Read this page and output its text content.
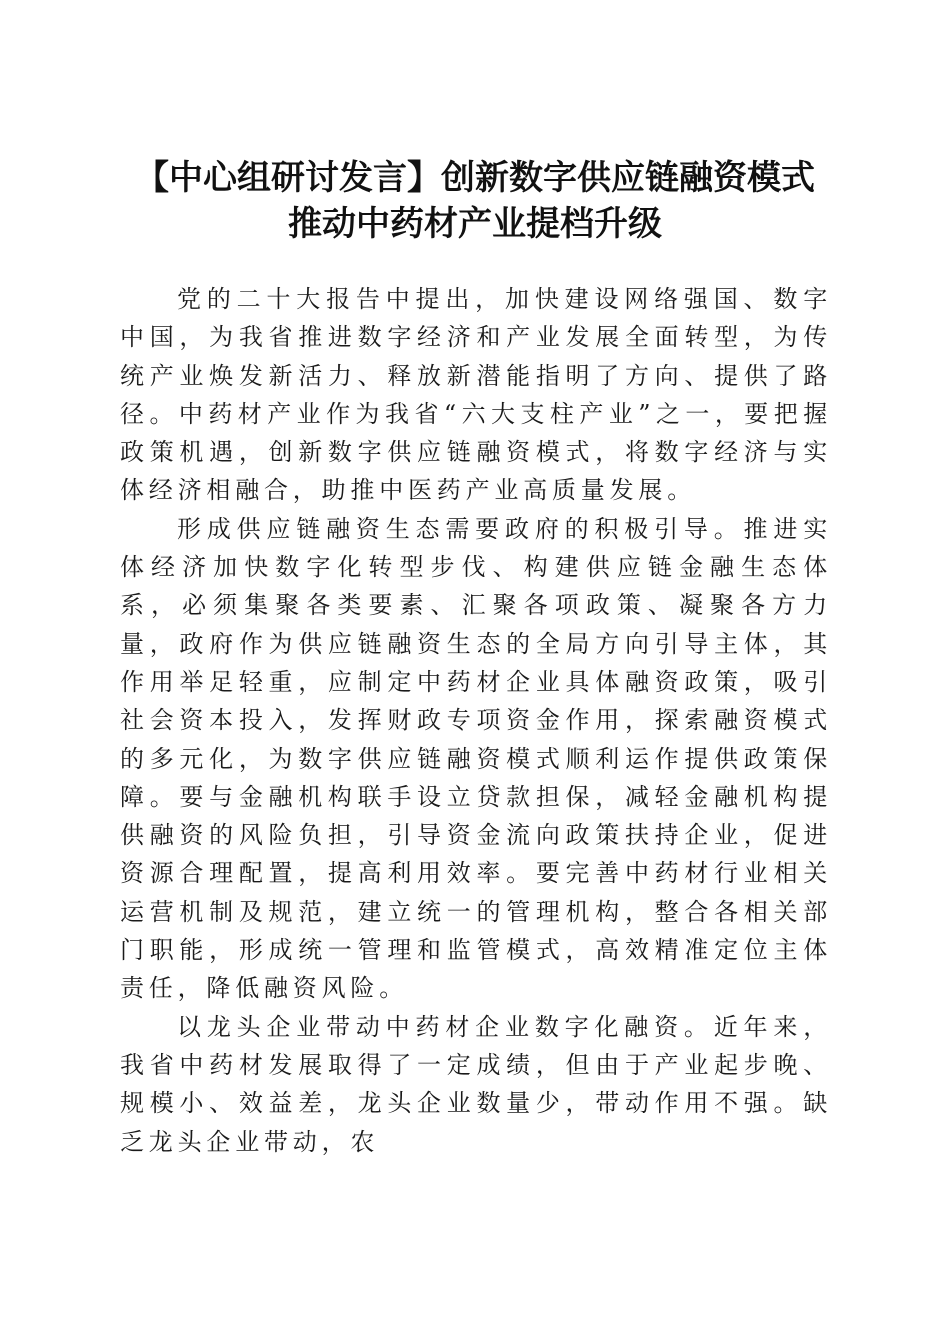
【中心组研讨发言】创新数字供应链融资模式
推动中药材产业提档升级

党的二十大报告中提出，加快建设网络强国、数字中国，为我省推进数字经济和产业发展全面转型，为传统产业焕发新活力、释放新潜能指明了方向、提供了路径。中药材产业作为我省“六大支柱产业”之一，要把握政策机遇，创新数字供应链融资模式，将数字经济与实体经济相融合，助推中医药产业高质量发展。

形成供应链融资生态需要政府的积极引导。推进实体经济加快数字化转型步伐、构建供应链金融生态体系，必须集聚各类要素、汇聚各项政策、凝聚各方力量，政府作为供应链融资生态的全局方向引导主体，其作用举足轻重，应制定中药材企业具体融资政策，吸引社会资本投入，发挥财政专项资金作用，探索融资模式的多元化，为数字供应链融资模式顺利运作提供政策保障。要与金融机构联手设立贷款担保，减轻金融机构提供融资的风险负担，引导资金流向政策扶持企业，促进资源合理配置，提高利用效率。要完善中药材行业相关运营机制及规范，建立统一的管理机构，整合各相关部门职能，形成统一管理和监管模式，高效精准定位主体责任，降低融资风险。

以龙头企业带动中药材企业数字化融资。近年来，我省中药材发展取得了一定成绩，但由于产业起步晚、规模小、效益差，龙头企业数量少，带动作用不强。缺乏龙头企业带动，农
